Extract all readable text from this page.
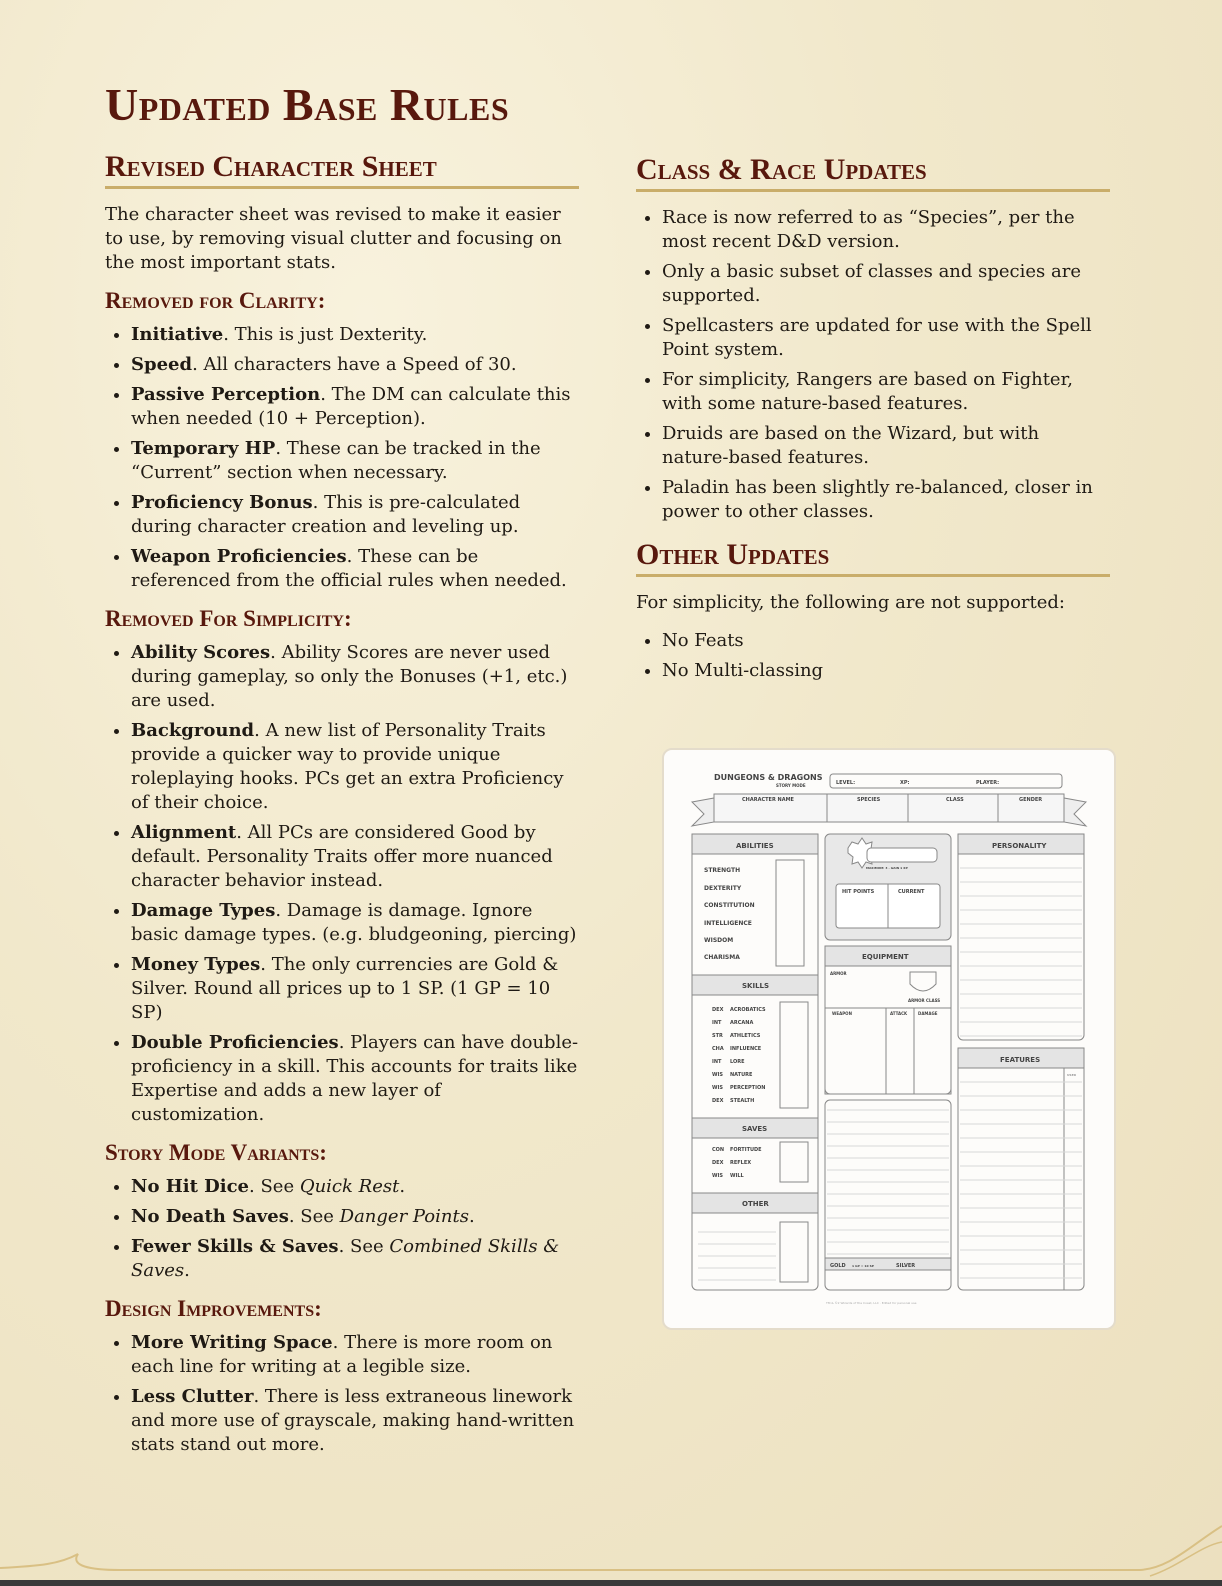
Updated Base Rules
Revised Character Sheet

The character sheet was revised to make it easier to use, by removing visual clutter and focusing on the most important stats.

Removed for Clarity:
• Initiative. This is just Dexterity.
• Speed. All characters have a Speed of 30.
• Passive Perception. The DM can calculate this when needed (10 + Perception).
• Temporary HP. These can be tracked in the “Current” section when necessary.
• Proficiency Bonus. This is pre-calculated during character creation and leveling up.
• Weapon Proficiencies. These can be referenced from the official rules when needed.
Removed For Simplicity:
• Ability Scores. Ability Scores are never used during gameplay, so only the Bonuses (+1, etc.) are used.
• Background. A new list of Personality Traits provide a quicker way to provide unique roleplaying hooks. PCs get an extra Proficiency of their choice.
• Alignment. All PCs are considered Good by default. Personality Traits offer more nuanced character behavior instead.
• Damage Types. Damage is damage. Ignore basic damage types. (e.g. bludgeoning, piercing)
• Money Types. The only currencies are Gold & Silver. Round all prices up to 1 SP. (1 GP = 10 SP)
• Double Proficiencies. Players can have double-proficiency in a skill. This accounts for traits like Expertise and adds a new layer of customization.
Story Mode Variants:
• No Hit Dice. See Quick Rest.
• No Death Saves. See Danger Points.
• Fewer Skills & Saves. See Combined Skills & Saves.
Design Improvements:
• More Writing Space. There is more room on each line for writing at a legible size.
• Less Clutter. There is less extraneous linework and more use of grayscale, making hand-written stats stand out more.
Class & Race Updates
• Race is now referred to as “Species”, per the most recent D&D version.
• Only a basic subset of classes and species are supported.
• Spellcasters are updated for use with the Spell Point system.
• For simplicity, Rangers are based on Fighter, with some nature-based features.
• Druids are based on the Wizard, but with nature-based features.
• Paladin has been slightly re-balanced, closer in power to other classes.
Other Updates

For simplicity, the following are not supported:

• No Feats
• No Multi-classing
DUNGEONS & DRAGONS
STORY MODE	LEVEL:	XP:	PLAYER:
CHARACTER NAME	SPECIES	CLASS	GENDER
ABILITIES
STRENGTH
DEXTERITY
CONSTITUTION
INTELLIGENCE
WISDOM
CHARISMA
SKILLS
SAVES
OTHER
MAXIMUM: 3 · GAIN 1 XP
HIT POINTS	CURRENT
EQUIPMENT
ARMOR
ARMOR CLASS
WEAPON	ATTACK	DAMAGE
GOLD 1 GP = 10 SP	SILVER
PERSONALITY
FEATURES
USED
TM & ©2 Wizards of the Coast, LLC · Edited for personal use
DEX ACROBATICS
INT ARCANA
STR ATHLETICS
CHA INFLUENCE
INT LORE
WIS NATURE
WIS PERCEPTION
DEX STEALTH
CON FORTITUDE
DEX REFLEX
WIS WILL
